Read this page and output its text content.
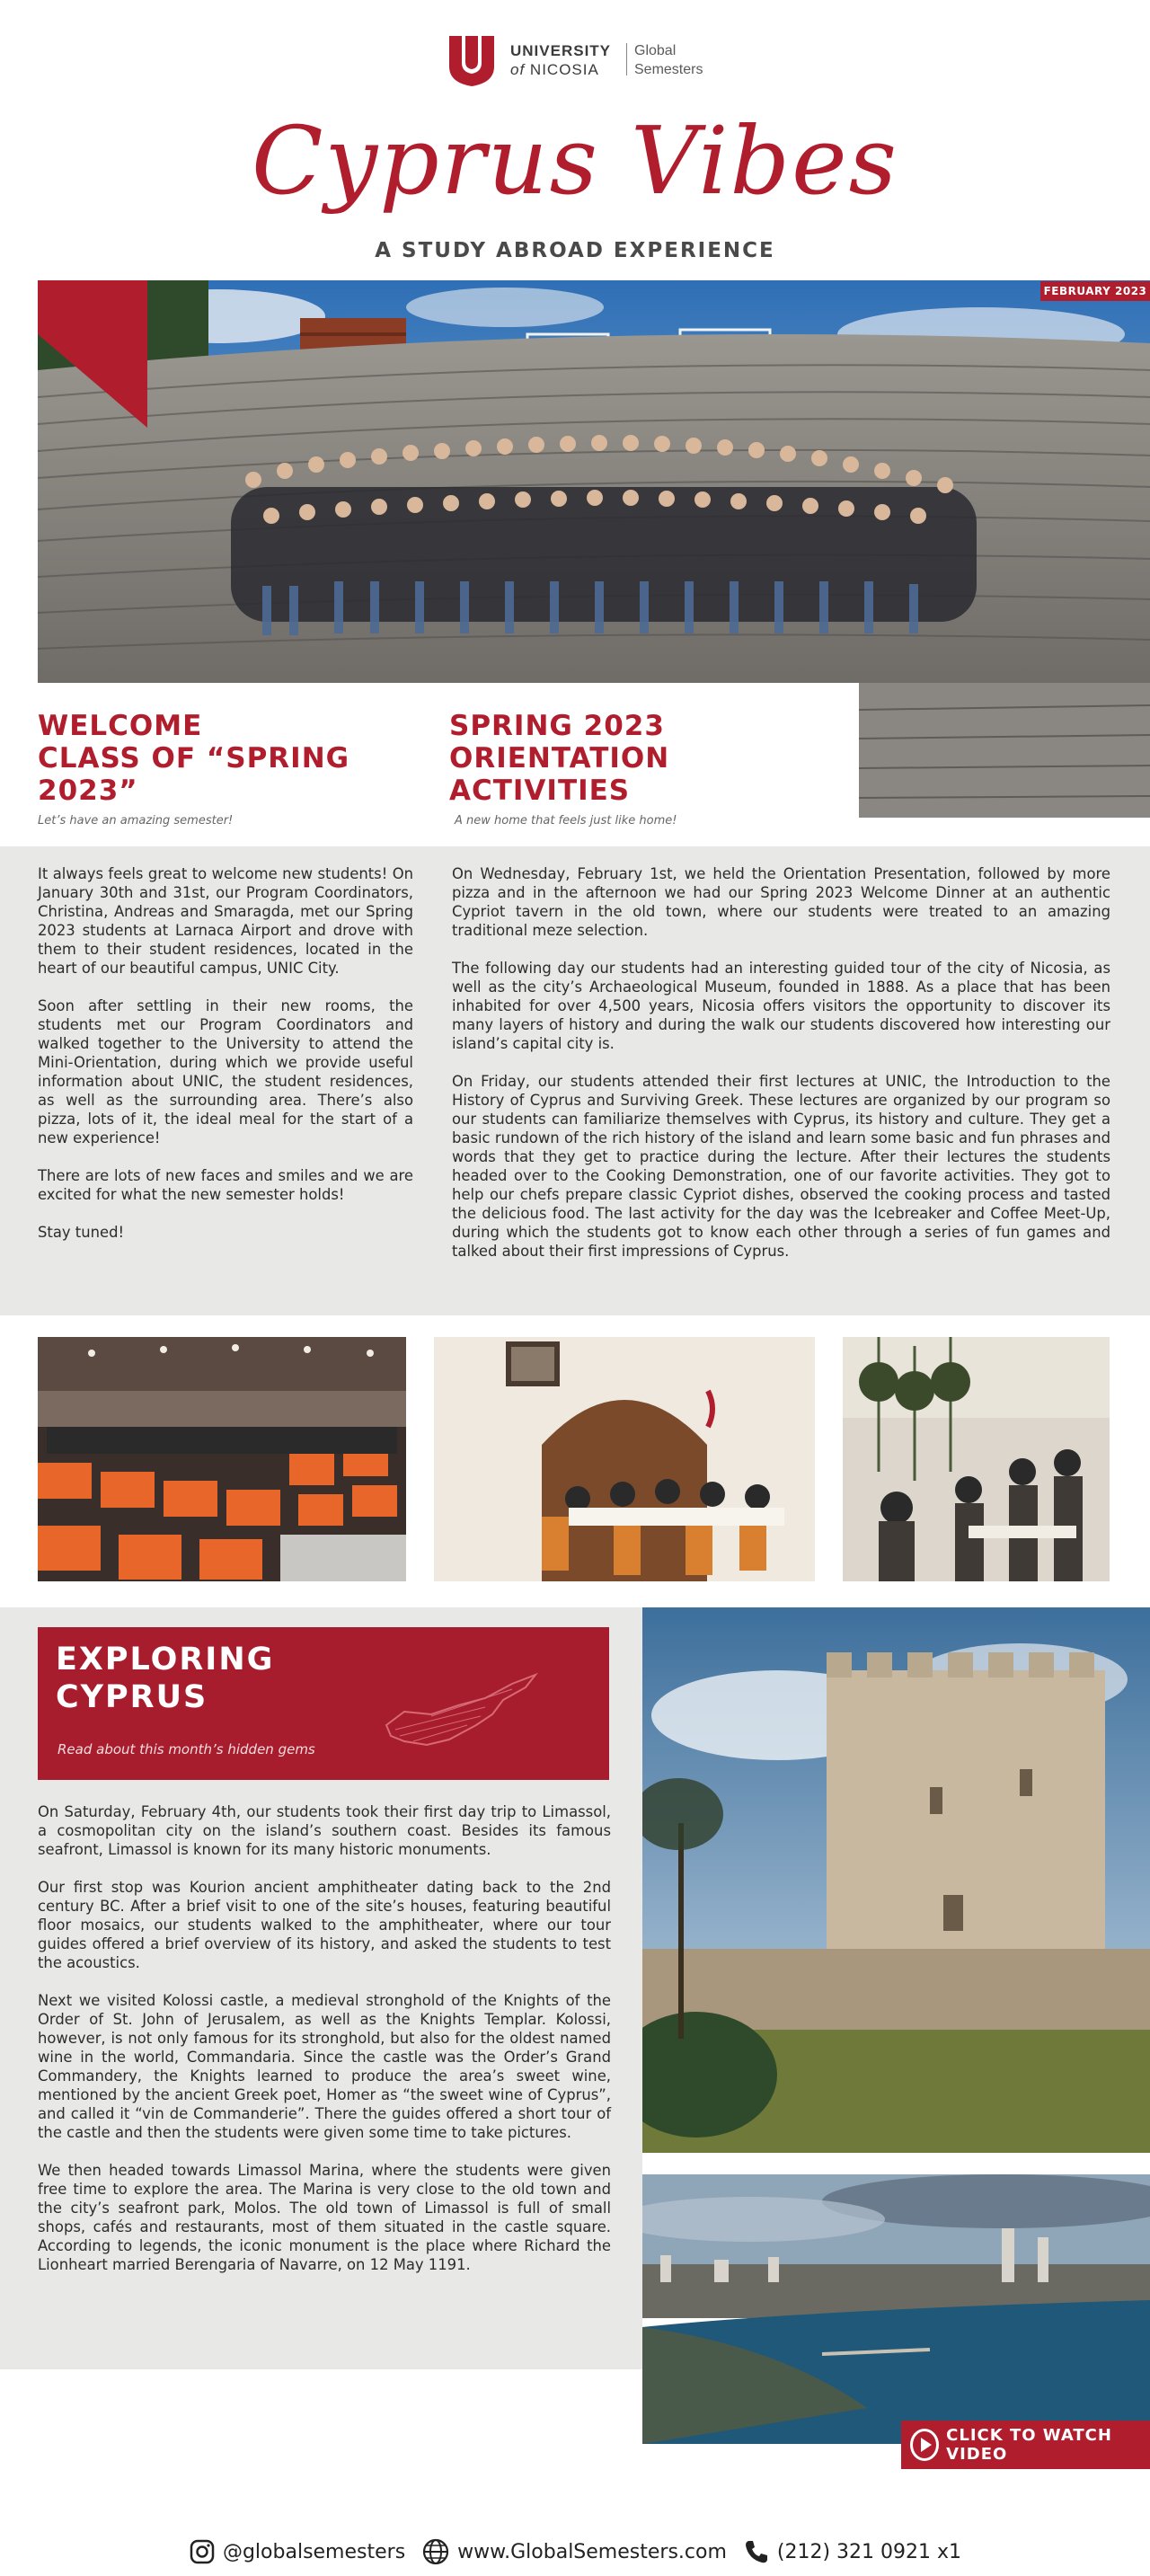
UNIVERSITY
of NICOSIA
Global
Semesters
Cyprus Vibes
A STUDY ABROAD EXPERIENCE
FEBRUARY 2023
WELCOME
CLASS OF “SPRING 2023”
SPRING 2023
ORIENTATION ACTIVITIES
Let’s have an amazing semester!	A new home that feels just like home!

It always feels great to welcome new students! On January 30th and 31st, our Program Coordinators, Christina, Andreas and Smaragda, met our Spring 2023 students at Larnaca Airport and drove with them to their student residences, located in the heart of our beautiful campus, UNIC City.

Soon after settling in their new rooms, the students met our Program Coordinators and walked together to the University to attend the Mini-Orientation, during which we provide useful information about UNIC, the student residences, as well as the surrounding area. There’s also pizza, lots of it, the ideal meal for the start of a new experience!

There are lots of new faces and smiles and we are excited for what the new semester holds!

Stay tuned!

On Wednesday, February 1st, we held the Orientation Presentation, followed by more pizza and in the afternoon we had our Spring 2023 Welcome Dinner at an authentic Cypriot tavern in the old town, where our students were treated to an amazing traditional meze selection.

The following day our students had an interesting guided tour of the city of Nicosia, as well as the city’s Archaeological Museum, founded in 1888. As a place that has been inhabited for over 4,500 years, Nicosia offers visitors the opportunity to discover its many layers of history and during the walk our students discovered how interesting our island’s capital city is.

On Friday, our students attended their first lectures at UNIC, the Introduction to the History of Cyprus and Surviving Greek. These lectures are organized by our program so our students can familiarize themselves with Cyprus, its history and culture. They get a basic rundown of the rich history of the island and learn some basic and fun phrases and words that they get to practice during the lecture. After their lectures the students headed over to the Cooking Demonstration, one of our favorite activities. They got to help our chefs prepare classic Cypriot dishes, observed the cooking process and tasted the delicious food. The last activity for the day was the Icebreaker and Coffee Meet-Up, during which the students got to know each other through a series of fun games and talked about their first impressions of Cyprus.

EXPLORING
CYPRUS
Read about this month’s hidden gems

On Saturday, February 4th, our students took their first day trip to Limassol, a cosmopolitan city on the island’s southern coast. Besides its famous seafront, Limassol is known for its many historic monuments.

Our first stop was Kourion ancient amphitheater dating back to the 2nd century BC. After a brief visit to one of the site’s houses, featuring beautiful floor mosaics, our students walked to the amphitheater, where our tour guides offered a brief overview of its history, and asked the students to test the acoustics.

Next we visited Kolossi castle, a medieval stronghold of the Knights of the Order of St. John of Jerusalem, as well as the Knights Templar. Kolossi, however, is not only famous for its stronghold, but also for the oldest named wine in the world, Commandaria. Since the castle was the Order’s Grand Commandery, the Knights learned to produce the area’s sweet wine, mentioned by the ancient Greek poet, Homer as “the sweet wine of Cyprus”, and called it “vin de Commanderie”. There the guides offered a short tour of the castle and then the students were given some time to take pictures.

We then headed towards Limassol Marina, where the students were given free time to explore the area. The Marina is very close to the old town and the city’s seafront park, Molos. The old town of Limassol is full of small shops, cafés and restaurants, most of them situated in the castle square. According to legends, the iconic monument is the place where Richard the Lionheart married Berengaria of Navarre, on 12 May 1191.

CLICK TO WATCH VIDEO
@globalsemesters	www.GlobalSemesters.com	(212) 321 0921 x1
